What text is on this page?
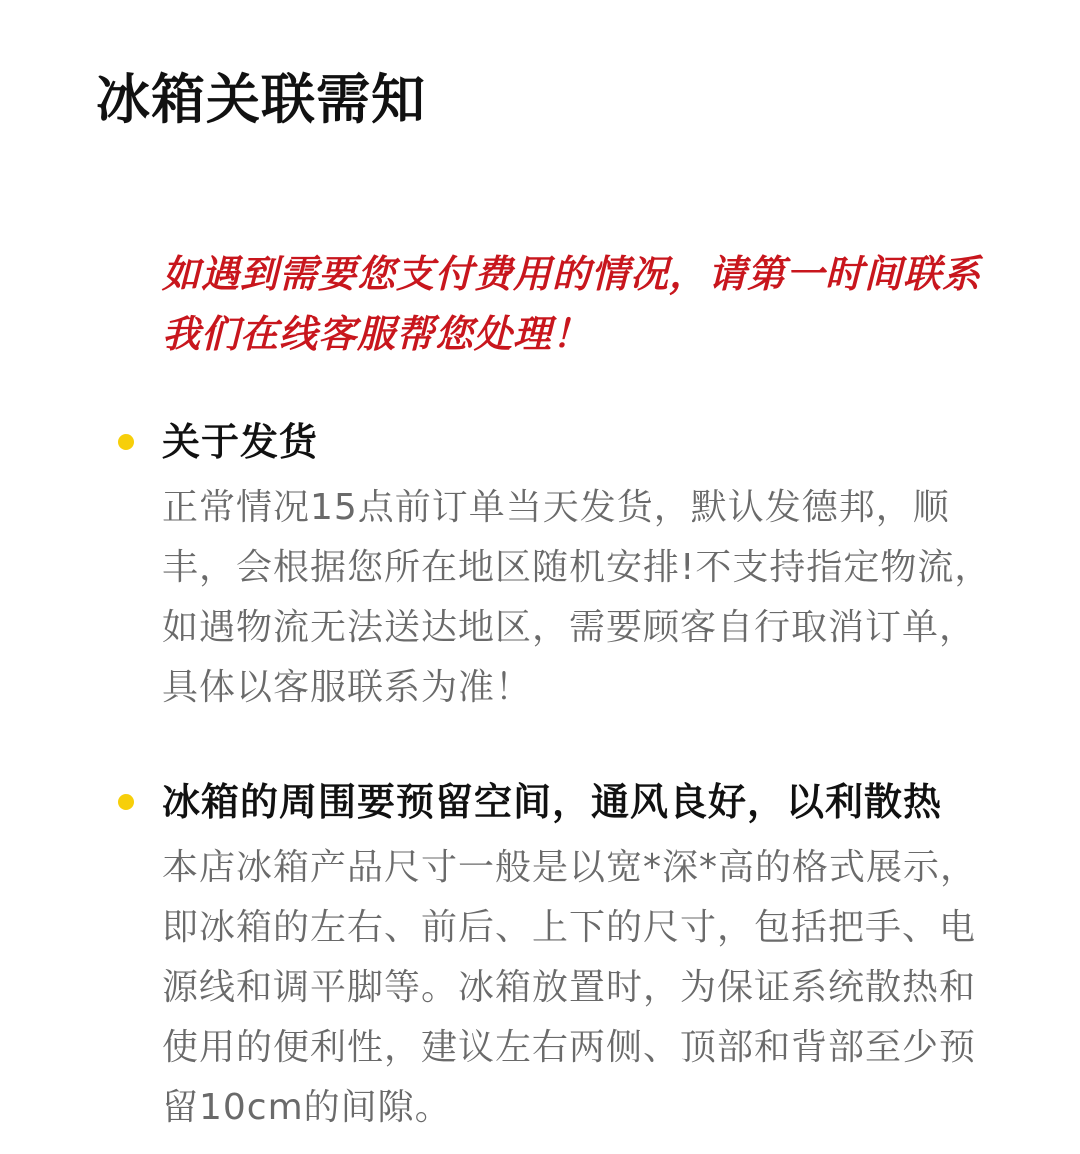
冰箱关联需知

如遇到需要您支付费用的情况，请第一时间联系我们在线客服帮您处理！

关于发货

正常情况15点前订单当天发货，默认发德邦，顺丰，会根据您所在地区随机安排!不支持指定物流，如遇物流无法送达地区，需要顾客自行取消订单，具体以客服联系为准！

冰箱的周围要预留空间，通风良好，以利散热

本店冰箱产品尺寸一般是以宽*深*高的格式展示，即冰箱的左右、前后、上下的尺寸，包括把手、电源线和调平脚等。冰箱放置时，为保证系统散热和使用的便利性，建议左右两侧、顶部和背部至少预留10cm的间隙。
